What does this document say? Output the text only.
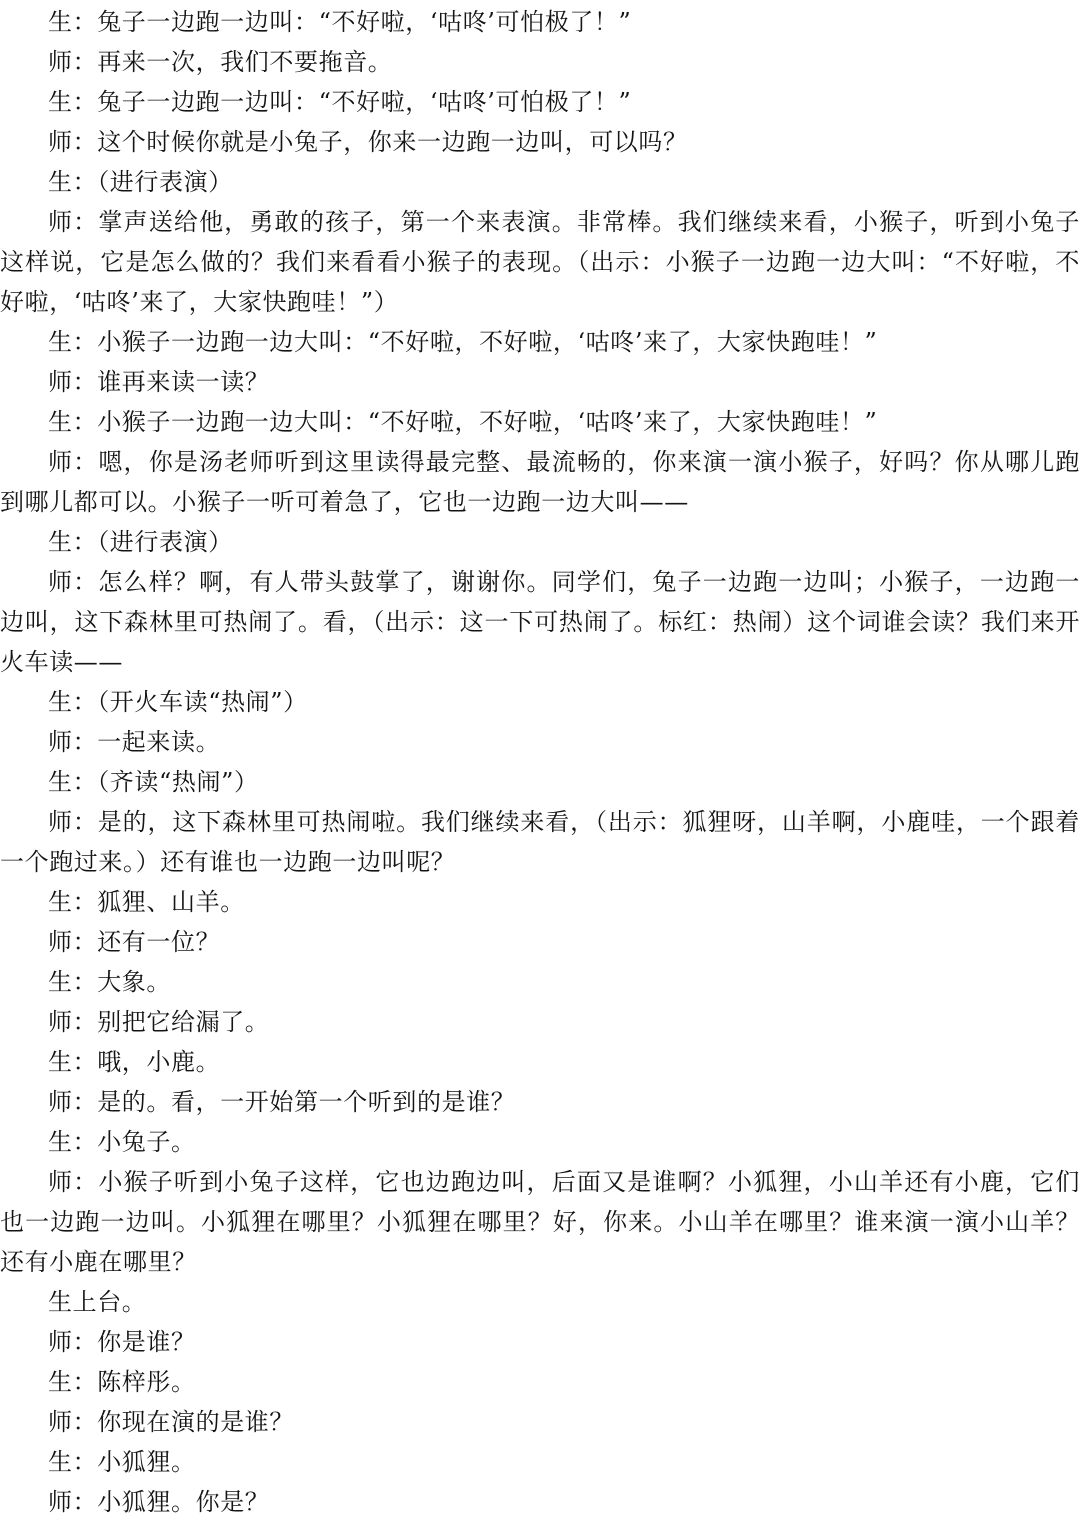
生：兔子一边跑一边叫：“不好啦，‘咕咚’可怕极了！”

师：再来一次，我们不要拖音。

生：兔子一边跑一边叫：“不好啦，‘咕咚’可怕极了！”

师：这个时候你就是小兔子，你来一边跑一边叫，可以吗？

生：（进行表演）

师：掌声送给他，勇敢的孩子，第一个来表演。非常棒。我们继续来看，小猴子，听到小兔子这样说，它是怎么做的？我们来看看小猴子的表现。（出示：小猴子一边跑一边大叫：“不好啦，不好啦，‘咕咚’来了，大家快跑哇！”）

生：小猴子一边跑一边大叫：“不好啦，不好啦，‘咕咚’来了，大家快跑哇！”

师：谁再来读一读？

生：小猴子一边跑一边大叫：“不好啦，不好啦，‘咕咚’来了，大家快跑哇！”

师：嗯，你是汤老师听到这里读得最完整、最流畅的，你来演一演小猴子，好吗？你从哪儿跑到哪儿都可以。小猴子一听可着急了，它也一边跑一边大叫——

生：（进行表演）

师：怎么样？啊，有人带头鼓掌了，谢谢你。同学们，兔子一边跑一边叫；小猴子，一边跑一边叫，这下森林里可热闹了。看，（出示：这一下可热闹了。标红：热闹）这个词谁会读？我们来开火车读——

生：（开火车读“热闹”）

师：一起来读。

生：（齐读“热闹”）

师：是的，这下森林里可热闹啦。我们继续来看，（出示：狐狸呀，山羊啊，小鹿哇，一个跟着一个跑过来。）还有谁也一边跑一边叫呢？

生：狐狸、山羊。

师：还有一位？

生：大象。

师：别把它给漏了。

生：哦，小鹿。

师：是的。看，一开始第一个听到的是谁？

生：小兔子。

师：小猴子听到小兔子这样，它也边跑边叫，后面又是谁啊？小狐狸，小山羊还有小鹿，它们也一边跑一边叫。小狐狸在哪里？小狐狸在哪里？好，你来。小山羊在哪里？谁来演一演小山羊？还有小鹿在哪里？

生上台。

师：你是谁？

生：陈梓彤。

师：你现在演的是谁？

生：小狐狸。

师：小狐狸。你是？
